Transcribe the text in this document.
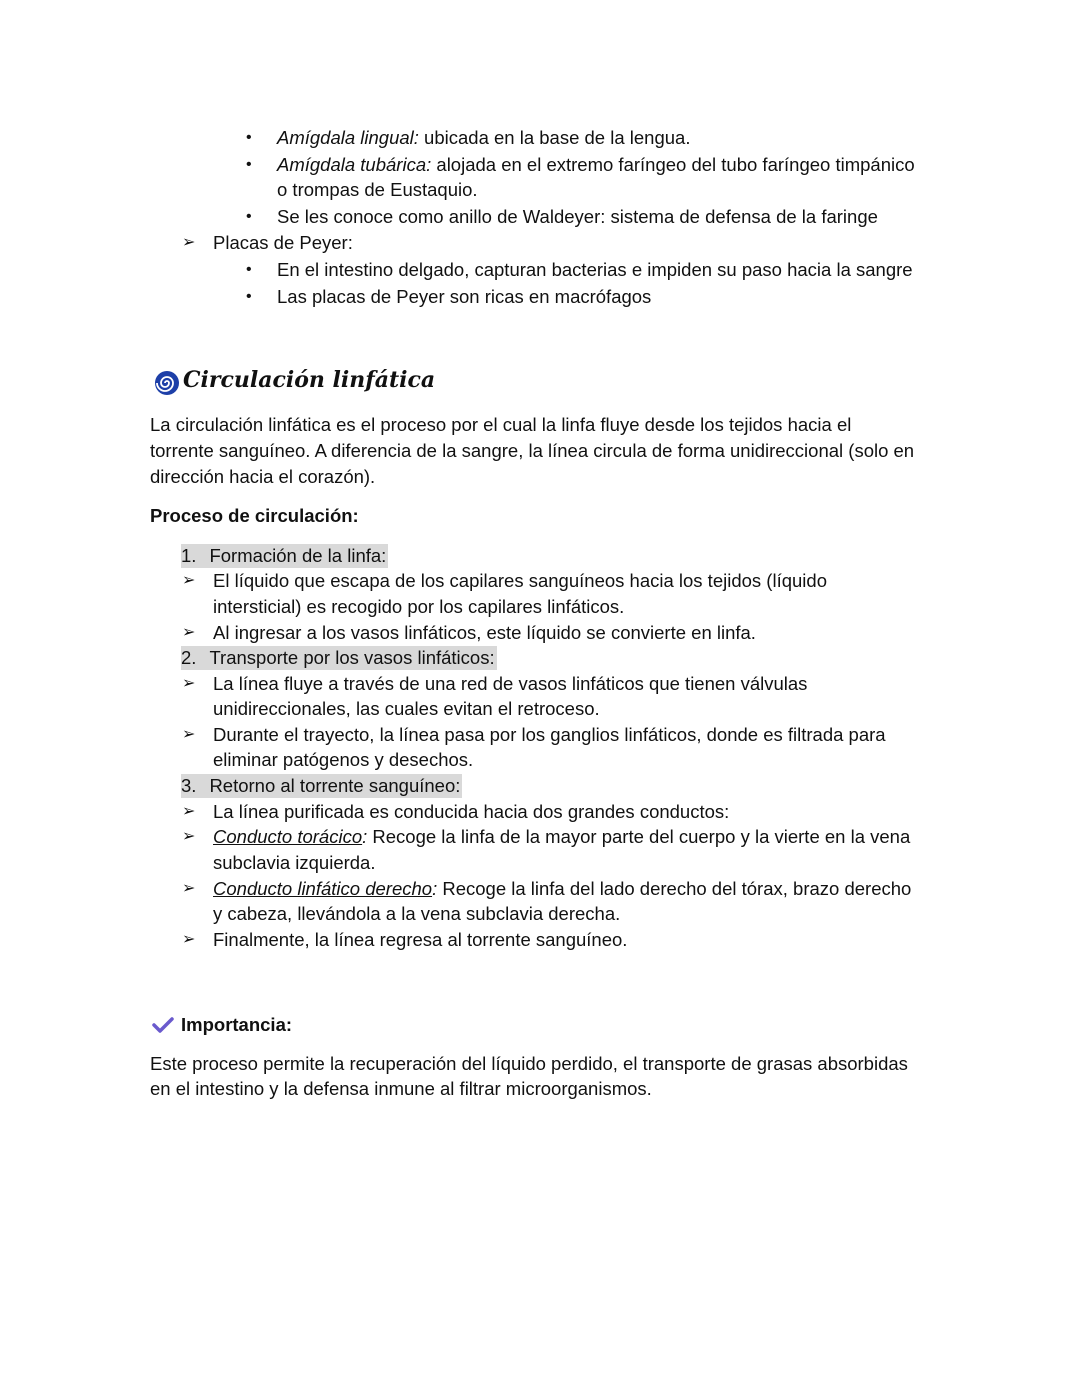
• Amígdala lingual: ubicada en la base de la lengua.
• Amígdala tubárica: alojada en el extremo faríngeo del tubo faríngeo timpánico
o trompas de Eustaquio.
• Se les conoce como anillo de Waldeyer: sistema de defensa de la faringe
➢ Placas de Peyer:
• En el intestino delgado, capturan bacterias e impiden su paso hacia la sangre
• Las placas de Peyer son ricas en macrófagos
Circulación linfática
La circulación linfática es el proceso por el cual la linfa fluye desde los tejidos hacia el
torrente sanguíneo. A diferencia de la sangre, la línea circula de forma unidireccional (solo en
dirección hacia el corazón).
Proceso de circulación:
1. Formación de la linfa:
➢ El líquido que escapa de los capilares sanguíneos hacia los tejidos (líquido
intersticial) es recogido por los capilares linfáticos.
➢ Al ingresar a los vasos linfáticos, este líquido se convierte en linfa.
2. Transporte por los vasos linfáticos:
➢ La línea fluye a través de una red de vasos linfáticos que tienen válvulas
unidireccionales, las cuales evitan el retroceso.
➢ Durante el trayecto, la línea pasa por los ganglios linfáticos, donde es filtrada para
eliminar patógenos y desechos.
3. Retorno al torrente sanguíneo:
➢ La línea purificada es conducida hacia dos grandes conductos:
➢ Conducto torácico: Recoge la linfa de la mayor parte del cuerpo y la vierte en la vena
subclavia izquierda.
➢ Conducto linfático derecho: Recoge la linfa del lado derecho del tórax, brazo derecho
y cabeza, llevándola a la vena subclavia derecha.
➢ Finalmente, la línea regresa al torrente sanguíneo.
Importancia:
Este proceso permite la recuperación del líquido perdido, el transporte de grasas absorbidas
en el intestino y la defensa inmune al filtrar microorganismos.
